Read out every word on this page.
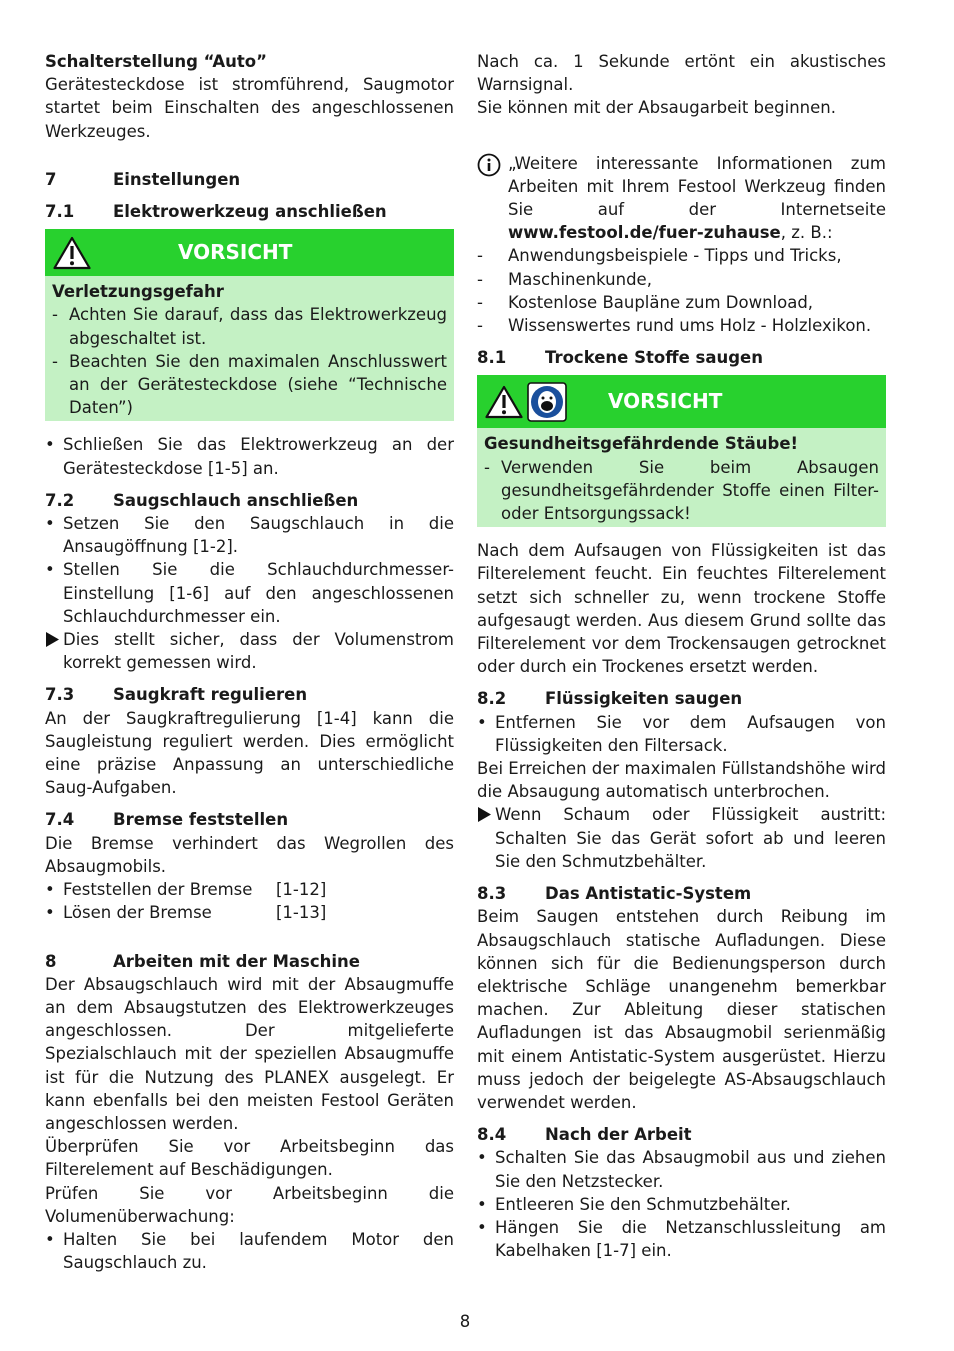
Schalterstellung “Auto”

Gerätesteckdose ist stromführend, Saugmotor startet beim Einschalten des angeschlossenen Werkzeuges.

7	Einstellungen
7.1	Elektrowerkzeug anschließen
VORSICHT

Verletzungsgefahr

- Achten Sie darauf, dass das Elektrowerkzeug abgeschaltet ist.
- Beachten Sie den maximalen Anschlusswert an der Gerätesteckdose (siehe “Technische Daten”)
• Schließen Sie das Elektrowerkzeug an der Gerätesteckdose [1-5] an.
7.2	Saugschlauch anschließen
• Setzen Sie den Saugschlauch in die Ansaugöffnung [1-2].
• Stellen Sie die Schlauchdurchmesser-Einstellung [1-6] auf den angeschlossenen Schlauchdurchmesser ein.
Dies stellt sicher, dass der Volumenstrom korrekt gemessen wird.
7.3	Saugkraft regulieren

An der Saugkraftregulierung [1-4] kann die Saugleistung reguliert werden. Dies ermöglicht eine präzise Anpassung an unterschiedliche Saug-Aufgaben.

7.4	Bremse feststellen

Die Bremse verhindert das Wegrollen des Absaugmobils.

• Feststellen der Bremse	[1-12]
• Lösen der Bremse	[1-13]
8	Arbeiten mit der Maschine

Der Absaugschlauch wird mit der Absaugmuffe an dem Absaugstutzen des Elektrowerkzeuges angeschlossen. Der mitgelieferte Spezialschlauch mit der speziellen Absaugmuffe ist für die Nutzung des PLANEX ausgelegt. Er kann ebenfalls bei den meisten Festool Geräten angeschlossen werden.

Überprüfen Sie vor Arbeitsbeginn das Filterelement auf Beschädigungen.

Prüfen Sie vor Arbeitsbeginn die Volumenüberwachung:

• Halten Sie bei laufendem Motor den Saugschlauch zu.

Nach ca. 1 Sekunde ertönt ein akustisches Warnsignal.

Sie können mit der Absaugarbeit beginnen.

„Weitere interessante Informationen zum Arbeiten mit Ihrem Festool Werkzeug finden Sie auf der Internetseite www.festool.de/fuer-zuhause, z. B.:

- Anwendungsbeispiele - Tipps und Tricks,
- Maschinenkunde,
- Kostenlose Baupläne zum Download,
- Wissenswertes rund ums Holz - Holzlexikon.
8.1	Trockene Stoffe saugen
VORSICHT

Gesundheitsgefährdende Stäube!

- Verwenden Sie beim Absaugen gesundheitsgefährdender Stoffe einen Filter- oder Entsorgungssack!

Nach dem Aufsaugen von Flüssigkeiten ist das Filterelement feucht. Ein feuchtes Filterelement setzt sich schneller zu, wenn trockene Stoffe aufgesaugt werden. Aus diesem Grund sollte das Filterelement vor dem Trockensaugen getrocknet oder durch ein Trockenes ersetzt werden.

8.2	Flüssigkeiten saugen
• Entfernen Sie vor dem Aufsaugen von Flüssigkeiten den Filtersack.

Bei Erreichen der maximalen Füllstandshöhe wird die Absaugung automatisch unterbrochen.

Wenn Schaum oder Flüssigkeit austritt: Schalten Sie das Gerät sofort ab und leeren Sie den Schmutzbehälter.
8.3	Das Antistatic-System

Beim Saugen entstehen durch Reibung im Absaugschlauch statische Aufladungen. Diese können sich für die Bedienungsperson durch elektrische Schläge unangenehm bemerkbar machen. Zur Ableitung dieser statischen Aufladungen ist das Absaugmobil serienmäßig mit einem Antistatic-System ausgerüstet. Hierzu muss jedoch der beigelegte AS-Absaugschlauch verwendet werden.

8.4	Nach der Arbeit
• Schalten Sie das Absaugmobil aus und ziehen Sie den Netzstecker.
• Entleeren Sie den Schmutzbehälter.
• Hängen Sie die Netzanschlussleitung am Kabelhaken [1-7] ein.
8
